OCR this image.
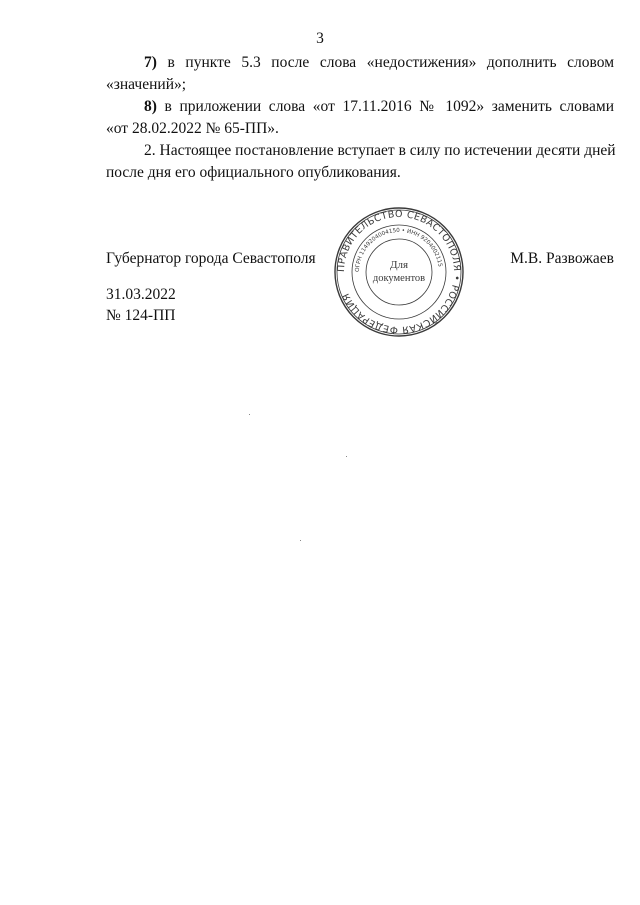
3
7) в пункте 5.3 после слова «недостижения» дополнить словом
«значений»;
8) в приложении слова «от 17.11.2016 № 1092» заменить словами
«от 28.02.2022 № 65-ПП».
2. Настоящее постановление вступает в силу по истечении десяти дней
после дня его официального опубликования.
Губернатор города Севастополя	М.В. Развожаев
31.03.2022
№ 124-ПП
ПРАВИТЕЛЬСТВО СЕВАСТОПОЛЯ • РОССИЙСКАЯ ФЕДЕРАЦИЯ
ОГРН 1149204004150 • ИНН 9204002115
Для
документов
